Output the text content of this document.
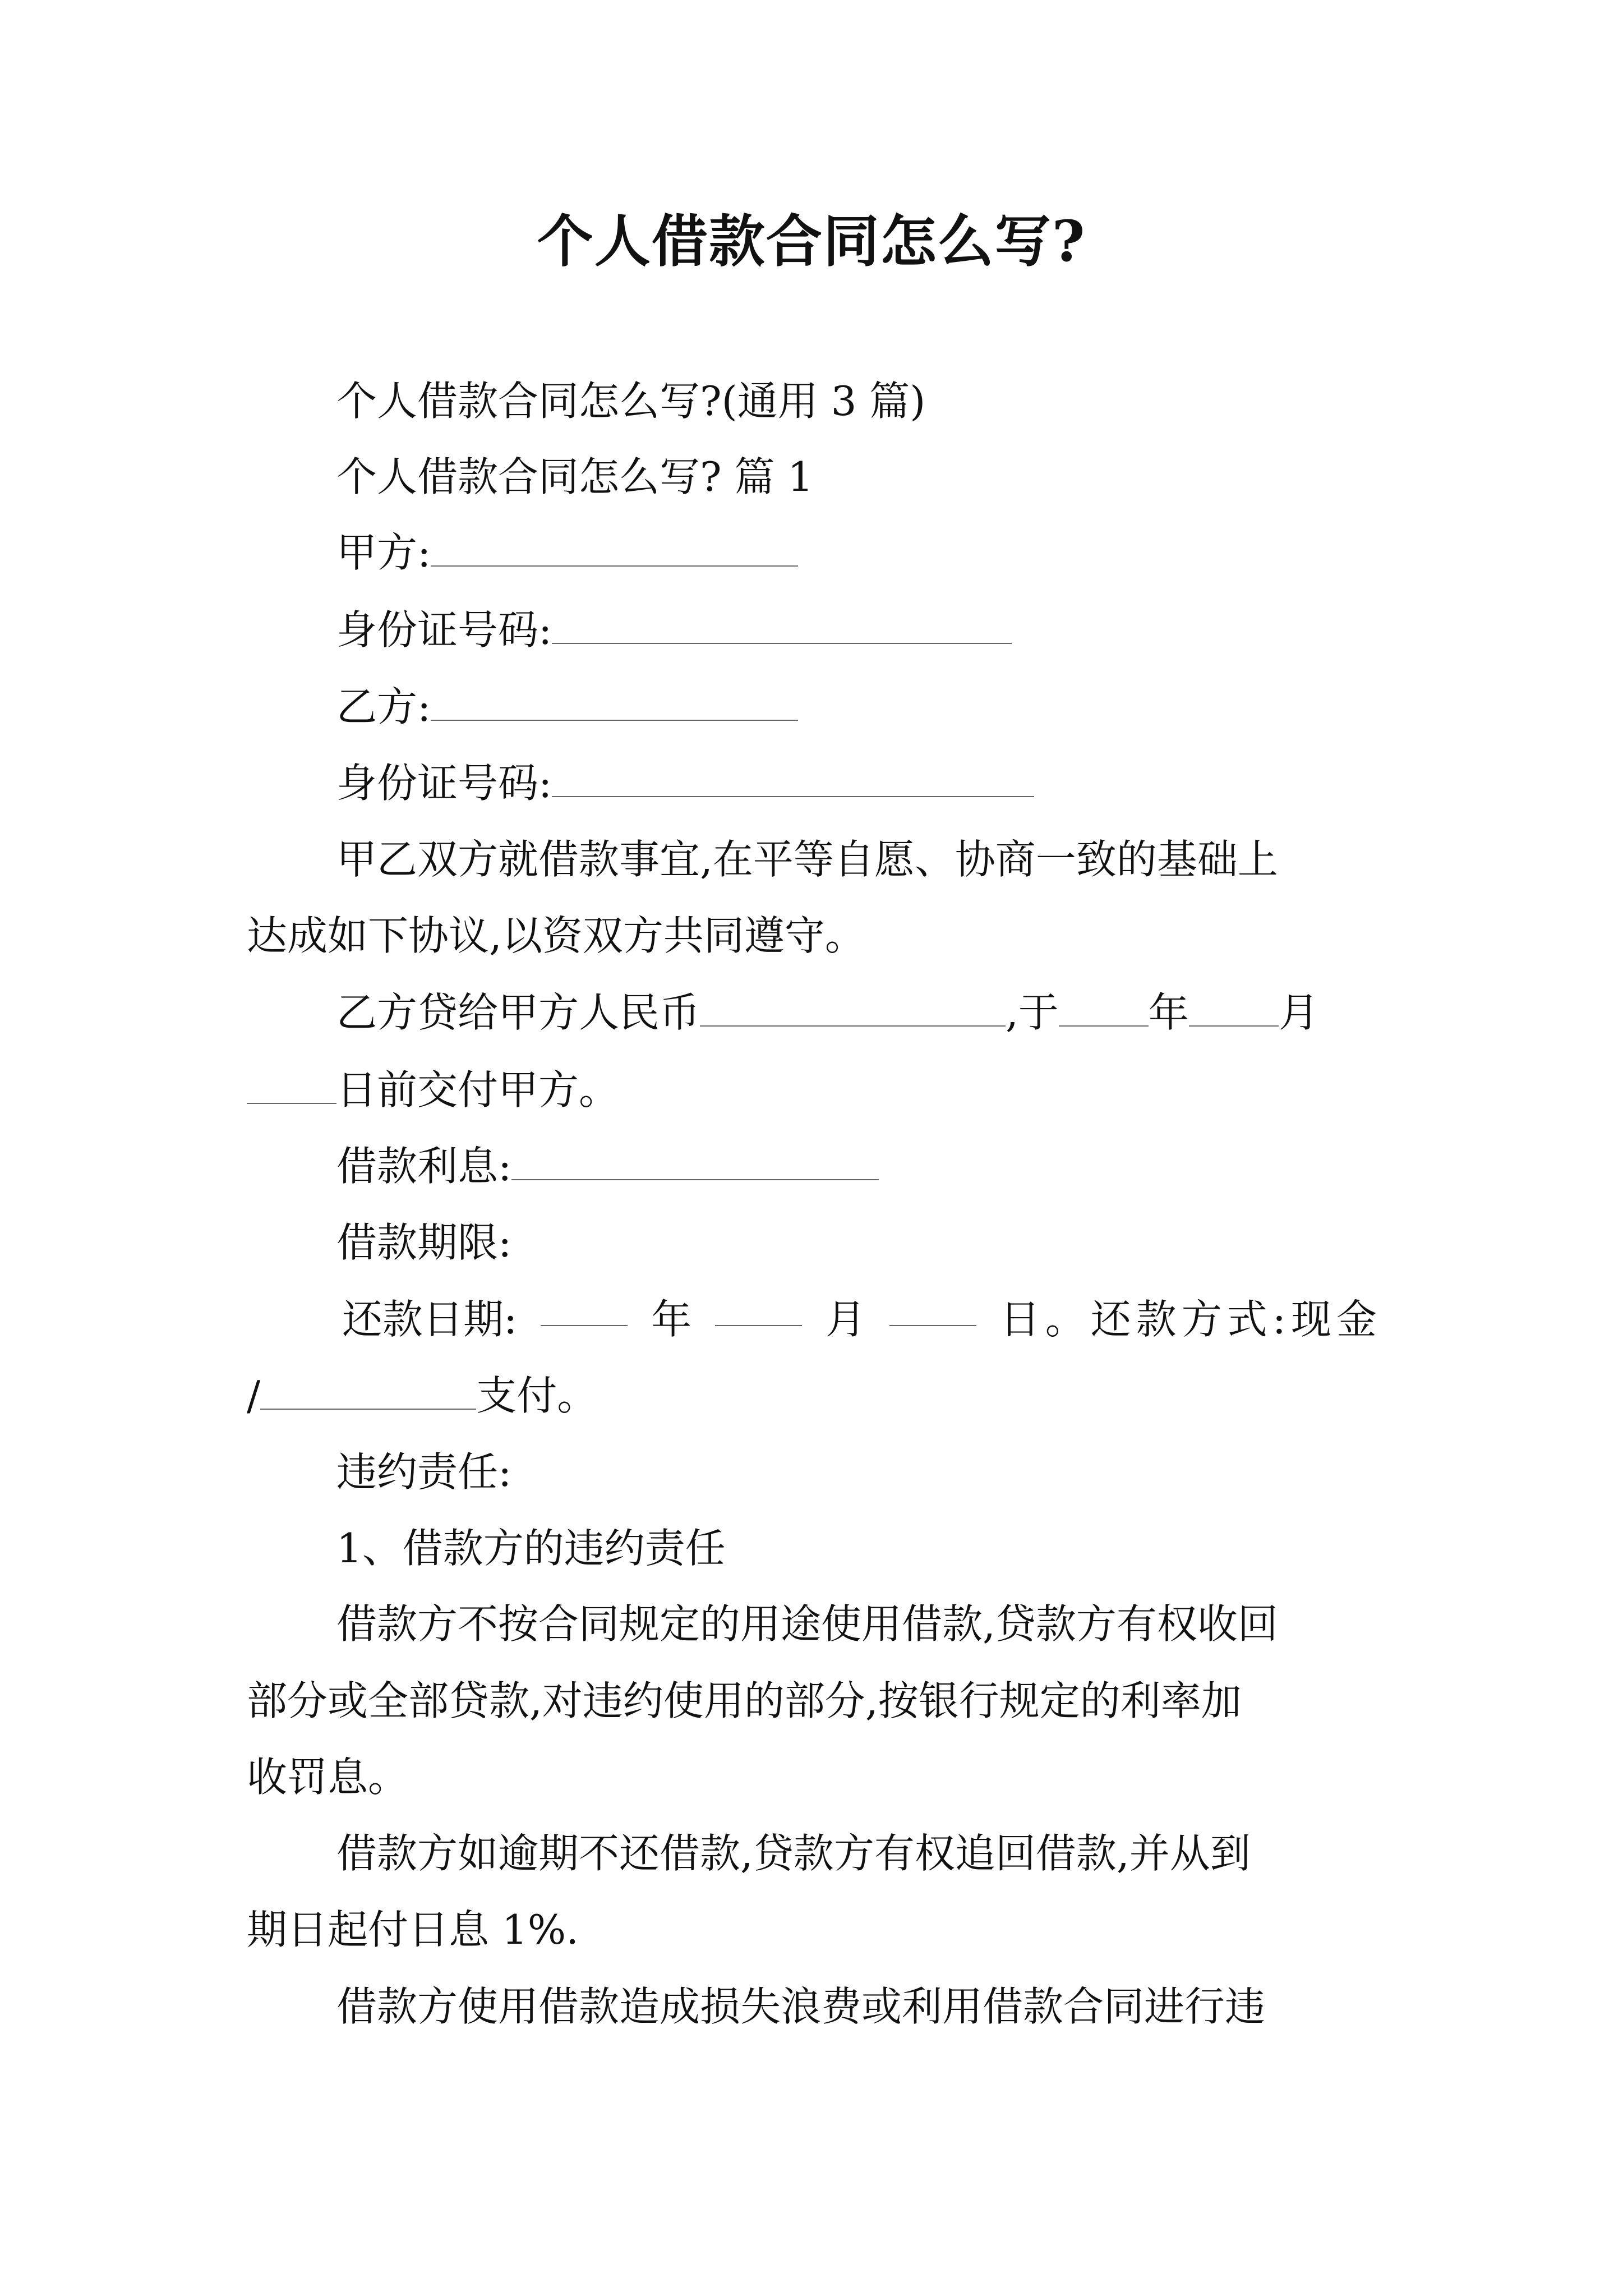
个人借款合同怎么写?
个人借款合同怎么写?(通用 3 篇)
个人借款合同怎么写? 篇 1
甲方:
身份证号码:
乙方:
身份证号码:
甲乙双方就借款事宜,在平等自愿、协商一致的基础上
达成如下协议,以资双方共同遵守。
乙方贷给甲方人民币	,于 年 月
日前交付甲方。
借款利息:
借款期限:
还款日期:	年	月	日。还款方式:现金
/	支付。
违约责任:
1、借款方的违约责任
借款方不按合同规定的用途使用借款,贷款方有权收回
部分或全部贷款,对违约使用的部分,按银行规定的利率加
收罚息。
借款方如逾期不还借款,贷款方有权追回借款,并从到
期日起付日息 1%.
借款方使用借款造成损失浪费或利用借款合同进行违
